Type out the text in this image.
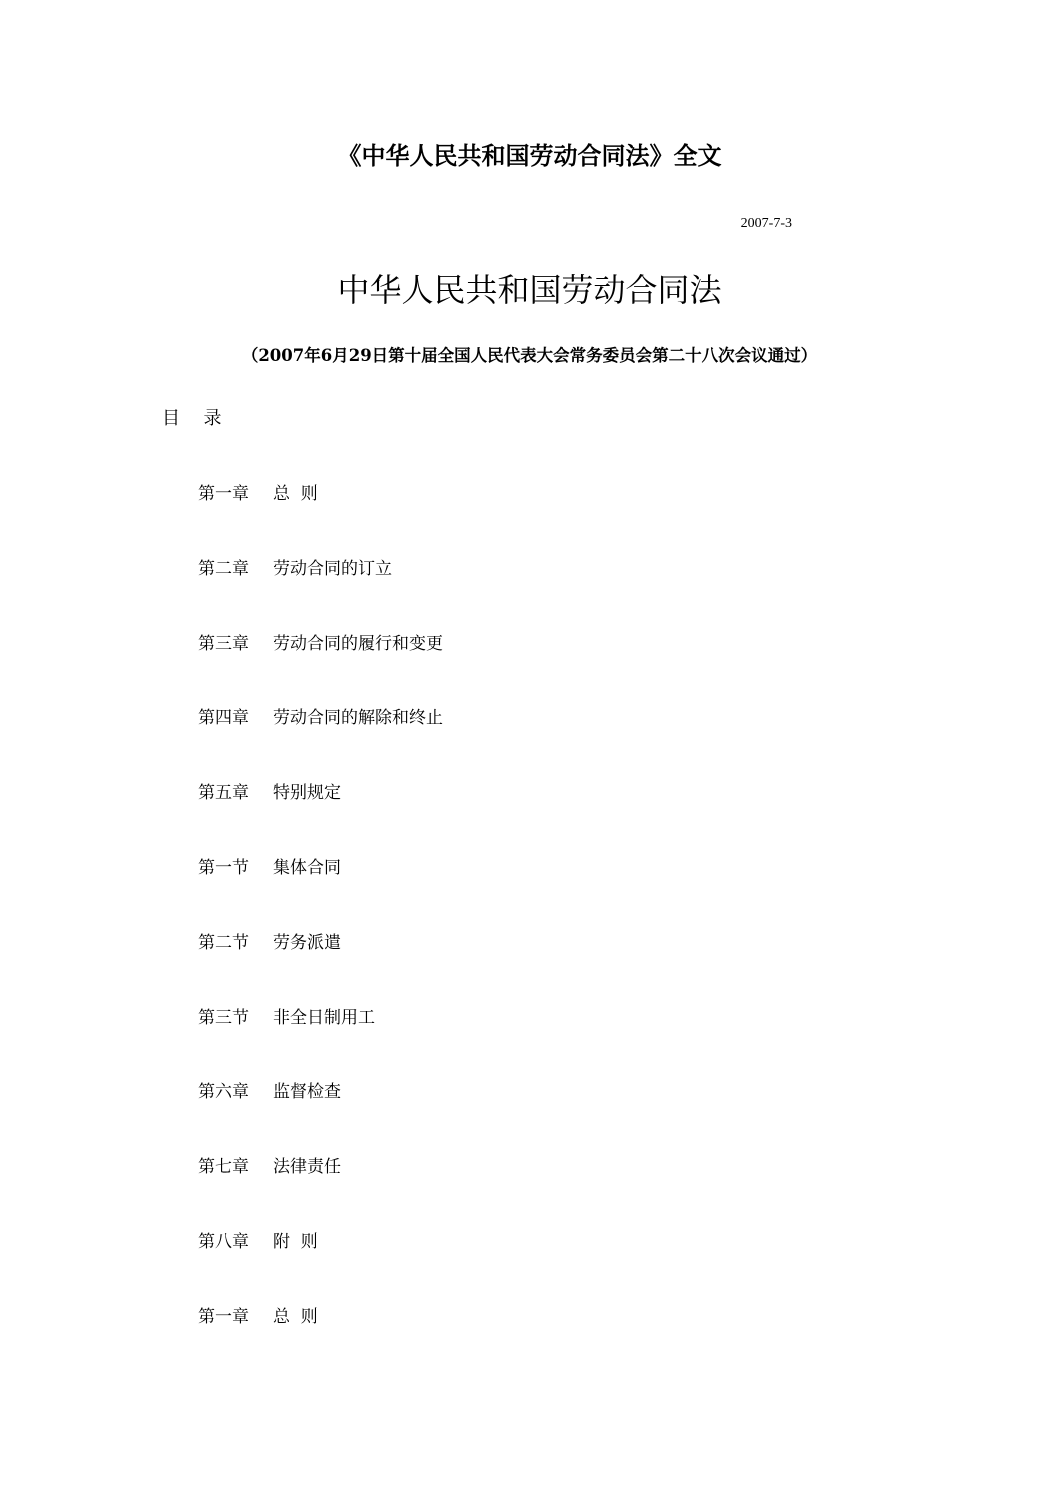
《中华人民共和国劳动合同法》全文
2007-7-3
中华人民共和国劳动合同法
（2007年6月29日第十届全国人民代表大会常务委员会第二十八次会议通过）
目  录
第一章	总  则
第二章	劳动合同的订立
第三章	劳动合同的履行和变更
第四章	劳动合同的解除和终止
第五章	特别规定
第一节	集体合同
第二节	劳务派遣
第三节	非全日制用工
第六章	监督检查
第七章	法律责任
第八章	附  则
第一章	总  则
